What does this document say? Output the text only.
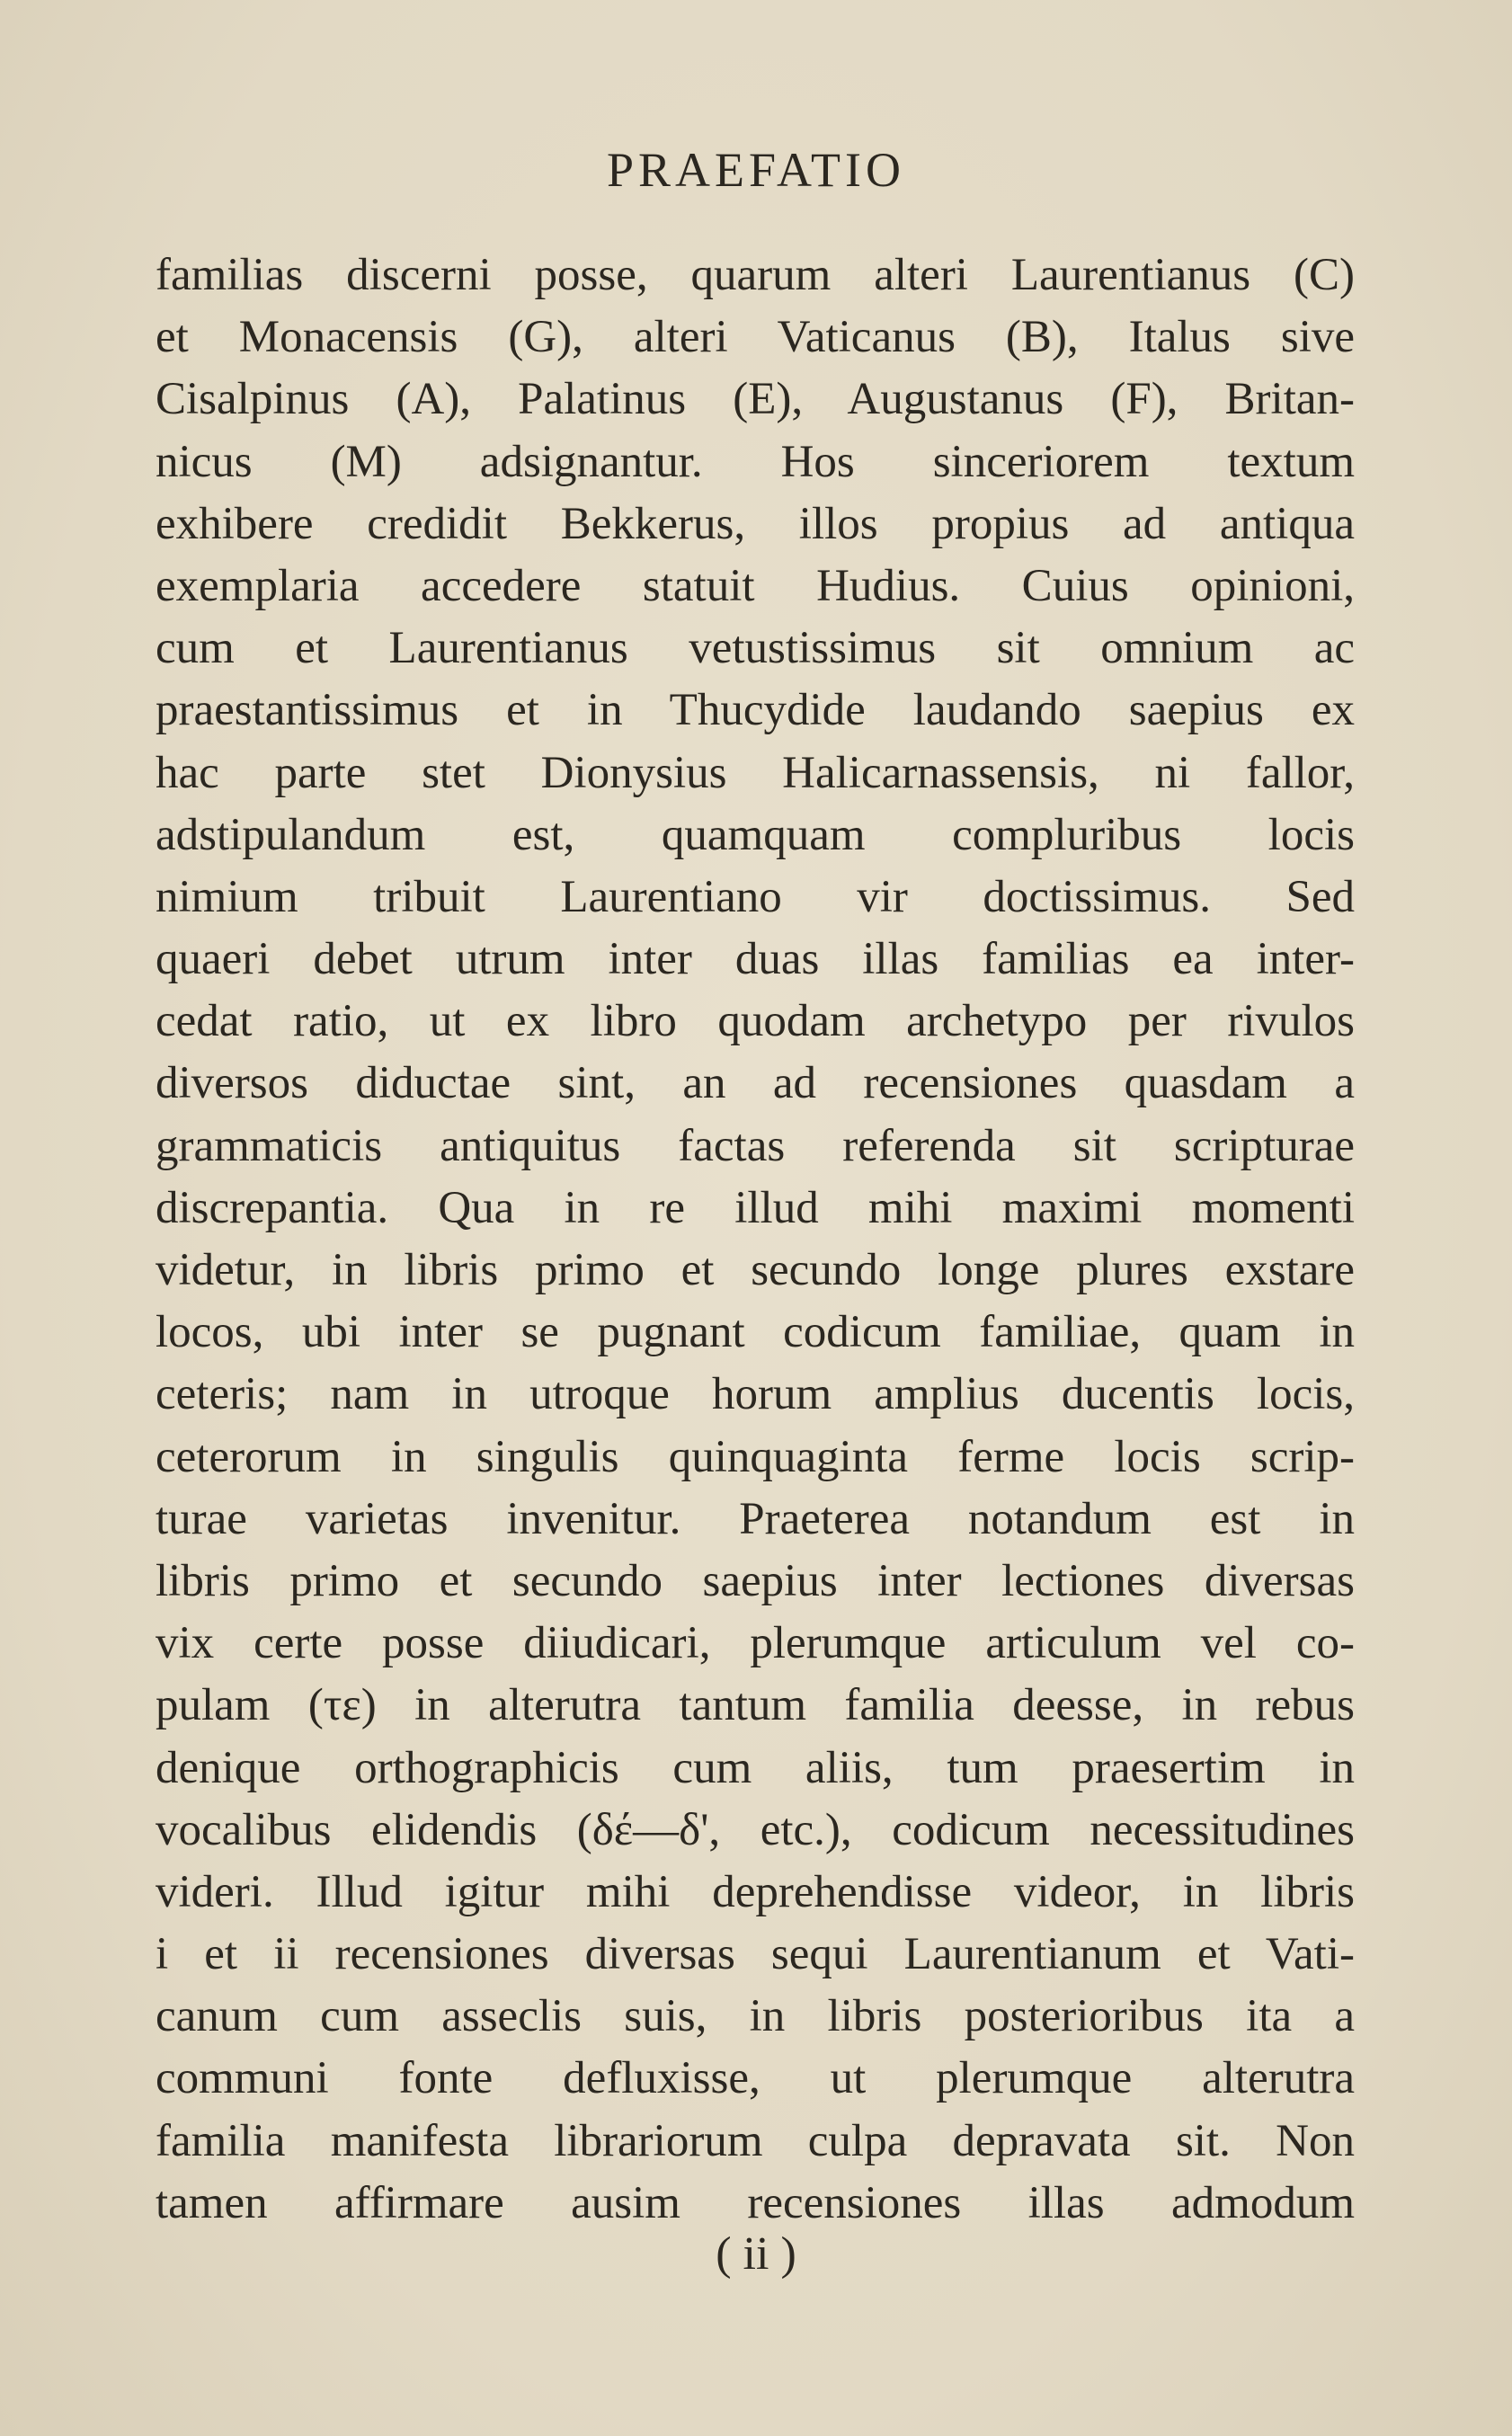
PRAEFATIO
familias discerni posse, quarum alteri Laurentianus (C)
et Monacensis (G), alteri Vaticanus (B), Italus sive
Cisalpinus (A), Palatinus (E), Augustanus (F), Britan-
nicus (M) adsignantur. Hos sinceriorem textum
exhibere credidit Bekkerus, illos propius ad antiqua
exemplaria accedere statuit Hudius. Cuius opinioni,
cum et Laurentianus vetustissimus sit omnium ac
praestantissimus et in Thucydide laudando saepius ex
hac parte stet Dionysius Halicarnassensis, ni fallor,
adstipulandum est, quamquam compluribus locis
nimium tribuit Laurentiano vir doctissimus. Sed
quaeri debet utrum inter duas illas familias ea inter-
cedat ratio, ut ex libro quodam archetypo per rivulos
diversos diductae sint, an ad recensiones quasdam a
grammaticis antiquitus factas referenda sit scripturae
discrepantia. Qua in re illud mihi maximi momenti
videtur, in libris primo et secundo longe plures exstare
locos, ubi inter se pugnant codicum familiae, quam in
ceteris; nam in utroque horum amplius ducentis locis,
ceterorum in singulis quinquaginta ferme locis scrip-
turae varietas invenitur. Praeterea notandum est in
libris primo et secundo saepius inter lectiones diversas
vix certe posse diiudicari, plerumque articulum vel co-
pulam (τε) in alterutra tantum familia deesse, in rebus
denique orthographicis cum aliis, tum praesertim in
vocalibus elidendis (δέ—δ', etc.), codicum necessitudines
videri. Illud igitur mihi deprehendisse videor, in libris
i et ii recensiones diversas sequi Laurentianum et Vati-
canum cum asseclis suis, in libris posterioribus ita a
communi fonte defluxisse, ut plerumque alterutra
familia manifesta librariorum culpa depravata sit. Non
tamen affirmare ausim recensiones illas admodum
( ii )
